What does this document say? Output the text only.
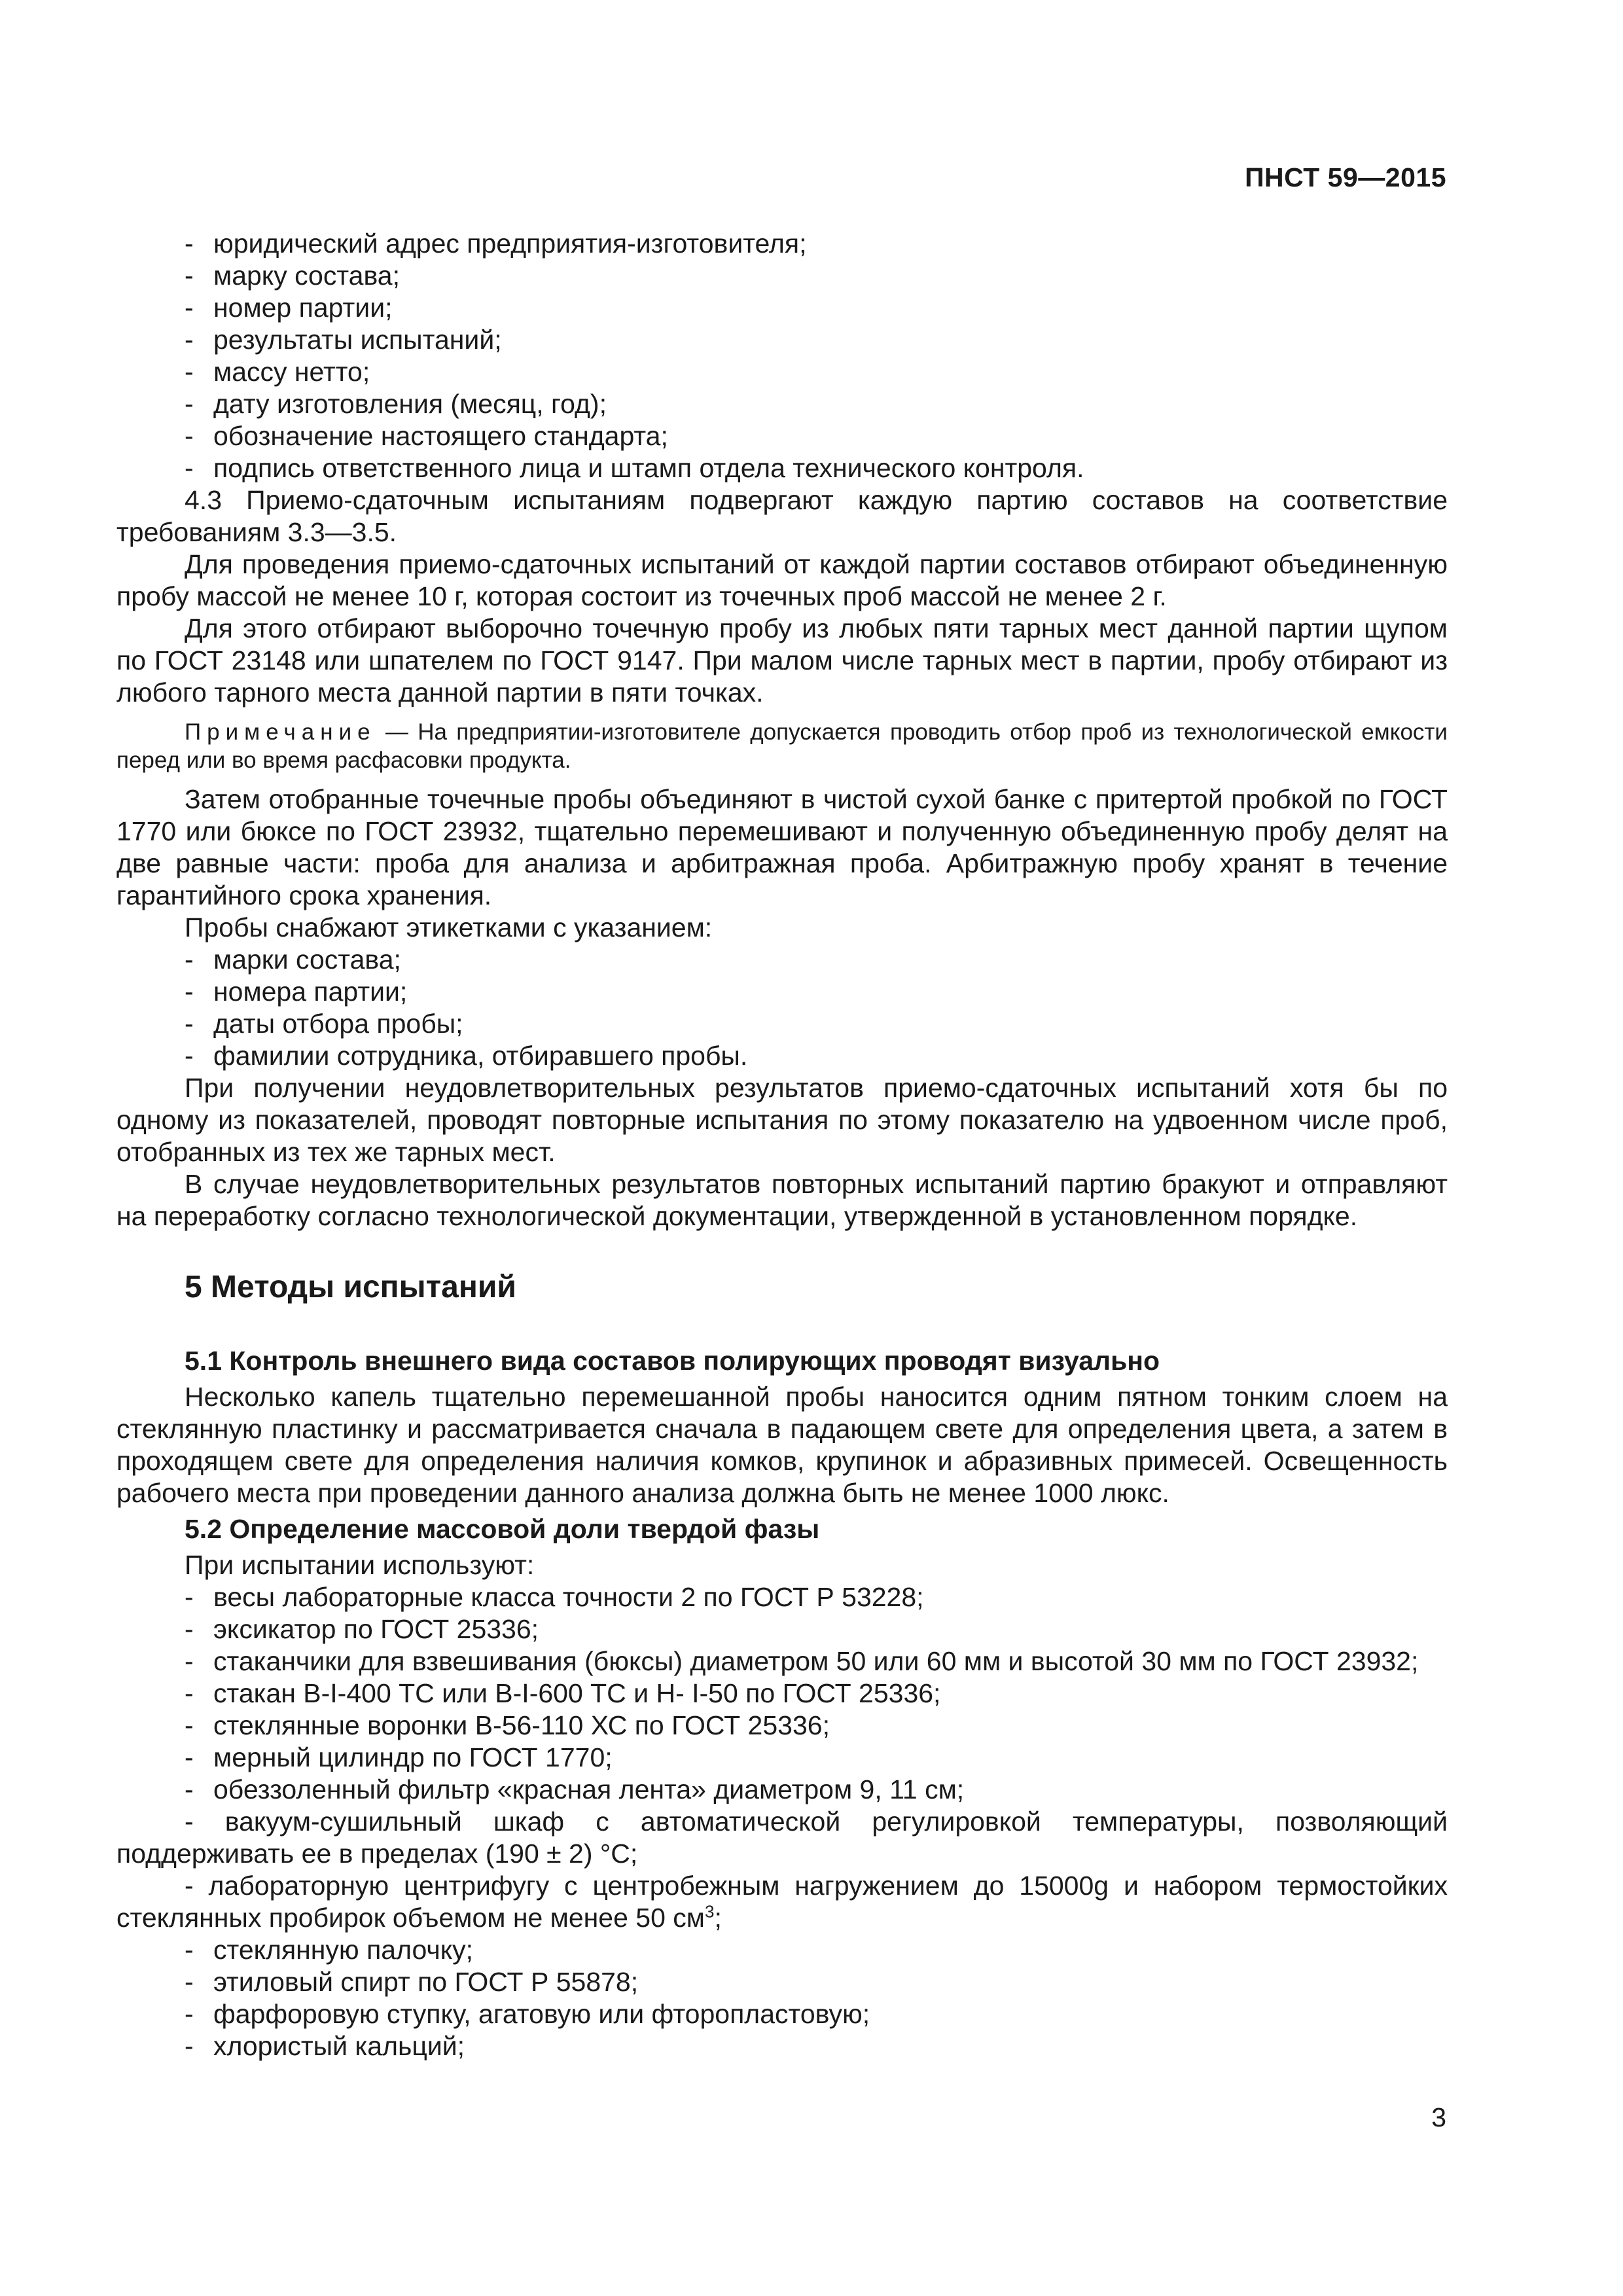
ПНСТ 59—2015
- юридический адрес предприятия-изготовителя;
- марку состава;
- номер партии;
- результаты испытаний;
- массу нетто;
- дату изготовления (месяц, год);
- обозначение настоящего стандарта;
- подпись ответственного лица и штамп отдела технического контроля.
4.3 Приемо-сдаточным испытаниям подвергают каждую партию составов на соответствие требованиям 3.3—3.5.
Для проведения приемо-сдаточных испытаний от каждой партии составов отбирают объединенную пробу массой не менее 10 г, которая состоит из точечных проб массой не менее 2 г.
Для этого отбирают выборочно точечную пробу из любых пяти тарных мест данной партии щупом по ГОСТ 23148 или шпателем по ГОСТ 9147. При малом числе тарных мест в партии, пробу отбирают из любого тарного места данной партии в пяти точках.
Примечание — На предприятии-изготовителе допускается проводить отбор проб из технологической емкости перед или во время расфасовки продукта.
Затем отобранные точечные пробы объединяют в чистой сухой банке с притертой пробкой по ГОСТ 1770 или бюксе по ГОСТ 23932, тщательно перемешивают и полученную объединенную пробу делят на две равные части: проба для анализа и арбитражная проба. Арбитражную пробу хранят в течение гарантийного срока хранения.
Пробы снабжают этикетками с указанием:
- марки состава;
- номера партии;
- даты отбора пробы;
- фамилии сотрудника, отбиравшего пробы.
При получении неудовлетворительных результатов приемо-сдаточных испытаний хотя бы по одному из показателей, проводят повторные испытания по этому показателю на удвоенном числе проб, отобранных из тех же тарных мест.
В случае неудовлетворительных результатов повторных испытаний партию бракуют и отправляют на переработку согласно технологической документации, утвержденной в установленном порядке.
5 Методы испытаний
5.1 Контроль внешнего вида составов полирующих проводят визуально
Несколько капель тщательно перемешанной пробы наносится одним пятном тонким слоем на стеклянную пластинку и рассматривается сначала в падающем свете для определения цвета, а затем в проходящем свете для определения наличия комков, крупинок и абразивных примесей. Освещенность рабочего места при проведении данного анализа должна быть не менее 1000 люкс.
5.2 Определение массовой доли твердой фазы
При испытании используют:
- весы лабораторные класса точности 2 по ГОСТ Р 53228;
- эксикатор по ГОСТ 25336;
- стаканчики для взвешивания (бюксы) диаметром 50 или 60 мм и высотой 30 мм по ГОСТ 23932;
- стакан В-I-400 ТС или В-I-600 ТС и Н- I-50 по ГОСТ 25336;
- стеклянные воронки В-56-110 ХС по ГОСТ 25336;
- мерный цилиндр по ГОСТ 1770;
- обеззоленный фильтр «красная лента» диаметром 9, 11 см;
- вакуум-сушильный шкаф с автоматической регулировкой температуры, позволяющий поддерживать ее в пределах (190 ± 2) °С;
- лабораторную центрифугу с центробежным нагружением до 15000g и набором термостойких стеклянных пробирок объемом не менее 50 $см^3$;
- стеклянную палочку;
- этиловый спирт по ГОСТ Р 55878;
- фарфоровую ступку, агатовую или фторопластовую;
- хлористый кальций;
3
